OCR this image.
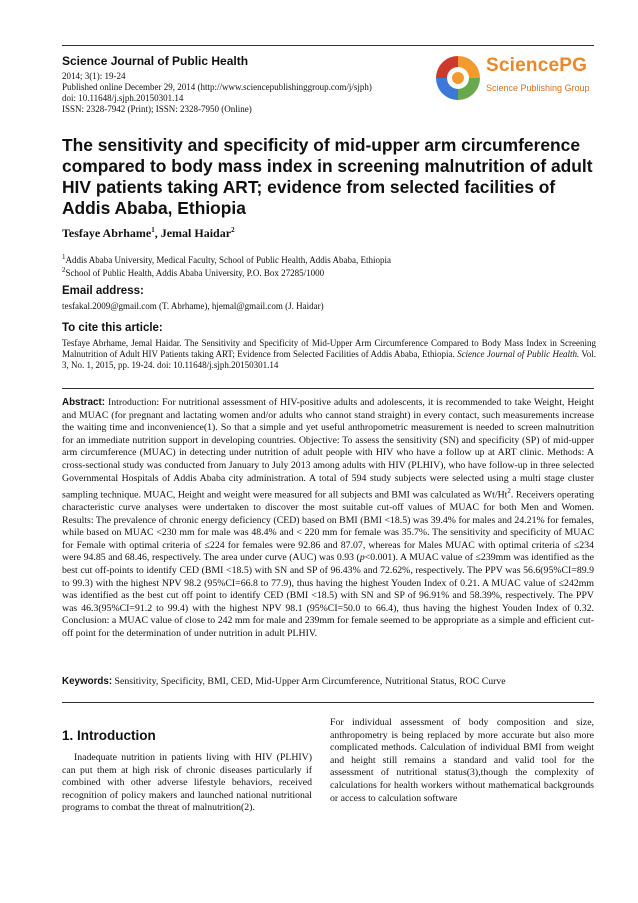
Science Journal of Public Health
2014; 3(1): 19-24
Published online December 29, 2014 (http://www.sciencepublishinggroup.com/j/sjph)
doi: 10.11648/j.sjph.20150301.14
ISSN: 2328-7942 (Print); ISSN: 2328-7950 (Online)
SciencePG
Science Publishing Group
The sensitivity and specificity of mid-upper arm circumference compared to body mass index in screening malnutrition of adult HIV patients taking ART; evidence from selected facilities of Addis Ababa, Ethiopia
Tesfaye Abrhame$^1$, Jemal Haidar$^2$
$^1$Addis Ababa University, Medical Faculty, School of Public Health, Addis Ababa, Ethiopia
$^2$School of Public Health, Addis Ababa University, P.O. Box 27285/1000
Email address:
tesfakal.2009@gmail.com (T. Abrhame), hjemal@gmail.com (J. Haidar)
To cite this article:
Tesfaye Abrhame, Jemal Haidar. The Sensitivity and Specificity of Mid-Upper Arm Circumference Compared to Body Mass Index in Screening Malnutrition of Adult HIV Patients taking ART; Evidence from Selected Facilities of Addis Ababa, Ethiopia. Science Journal of Public Health. Vol. 3, No. 1, 2015, pp. 19-24. doi: 10.11648/j.sjph.20150301.14
Abstract: Introduction: For nutritional assessment of HIV-positive adults and adolescents, it is recommended to take Weight, Height and MUAC (for pregnant and lactating women and/or adults who cannot stand straight) in every contact, such measurements increase the waiting time and inconvenience(1). So that a simple and yet useful anthropometric measurement is needed to screen malnutrition for an immediate nutrition support in developing countries. Objective: To assess the sensitivity (SN) and specificity (SP) of mid-upper arm circumference (MUAC) in detecting under nutrition of adult people with HIV who have a follow up at ART clinic. Methods: A cross-sectional study was conducted from January to July 2013 among adults with HIV (PLHIV), who have follow-up in three selected Governmental Hospitals of Addis Ababa city administration. A total of 594 study subjects were selected using a multi stage cluster sampling technique. MUAC, Height and weight were measured for all subjects and BMI was calculated as Wt/Ht$^2$. Receivers operating characteristic curve analyses were undertaken to discover the most suitable cut-off values of MUAC for both Men and Women. Results: The prevalence of chronic energy deficiency (CED) based on BMI (BMI <18.5) was 39.4% for males and 24.21% for females, while based on MUAC <230 mm for male was 48.4% and < 220 mm for female was 35.7%. The sensitivity and specificity of MUAC for Female with optimal criteria of ≤224 for females were 92.86 and 87.07, whereas for Males MUAC with optimal criteria of ≤234 were 94.85 and 68.46, respectively. The area under curve (AUC) was 0.93 (p<0.001). A MUAC value of ≤239mm was identified as the best cut off-points to identify CED (BMI <18.5) with SN and SP of 96.43% and 72.62%, respectively. The PPV was 56.6(95%CI=89.9 to 99.3) with the highest NPV 98.2 (95%CI=66.8 to 77.9), thus having the highest Youden Index of 0.21. A MUAC value of ≤242mm was identified as the best cut off point to identify CED (BMI <18.5) with SN and SP of 96.91% and 58.39%, respectively. The PPV was 46.3(95%CI=91.2 to 99.4) with the highest NPV 98.1 (95%CI=50.0 to 66.4), thus having the highest Youden Index of 0.32. Conclusion: a MUAC value of close to 242 mm for male and 239mm for female seemed to be appropriate as a simple and efficient cut-off point for the determination of under nutrition in adult PLHIV.
Keywords: Sensitivity, Specificity, BMI, CED, Mid-Upper Arm Circumference, Nutritional Status, ROC Curve
1. Introduction
Inadequate nutrition in patients living with HIV (PLHIV) can put them at high risk of chronic diseases particularly if combined with other adverse lifestyle behaviors, received recognition of policy makers and launched national nutritional programs to combat the threat of malnutrition(2).
For individual assessment of body composition and size, anthropometry is being replaced by more accurate but also more complicated methods. Calculation of individual BMI from weight and height still remains a standard and valid tool for the assessment of nutritional status(3),though the complexity of calculations for health workers without mathematical backgrounds or access to calculation software
